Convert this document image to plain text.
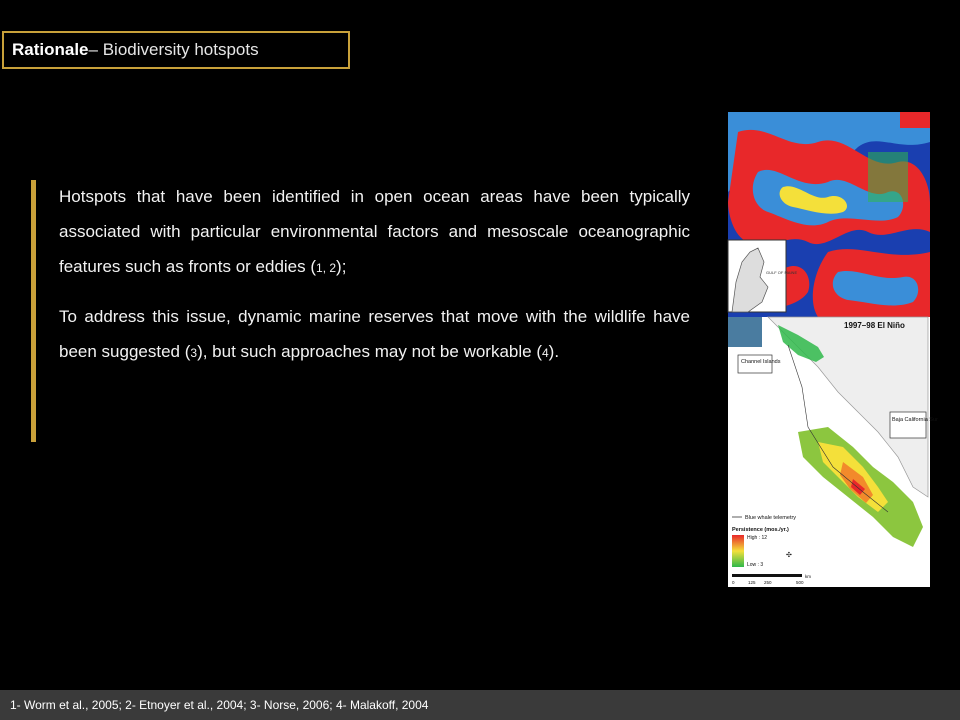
Rationale – Biodiversity hotspots

Hotspots that have been identified in open ocean areas have been typically associated with particular environmental factors and mesoscale oceanographic features such as fronts or eddies (1, 2);

To address this issue, dynamic marine reserves that move with the wildlife have been suggested (3), but such approaches may not be workable (4).

GULF OF MAINE
1997–98 El Niño
Channel Islands
Baja California Sur
Blue whale telemetry
Persistence (mos./yr.)
High : 12
Low : 3
0	125 250	500
km
✣
1- Worm et al., 2005; 2- Etnoyer et al., 2004; 3- Norse, 2006; 4- Malakoff, 2004
